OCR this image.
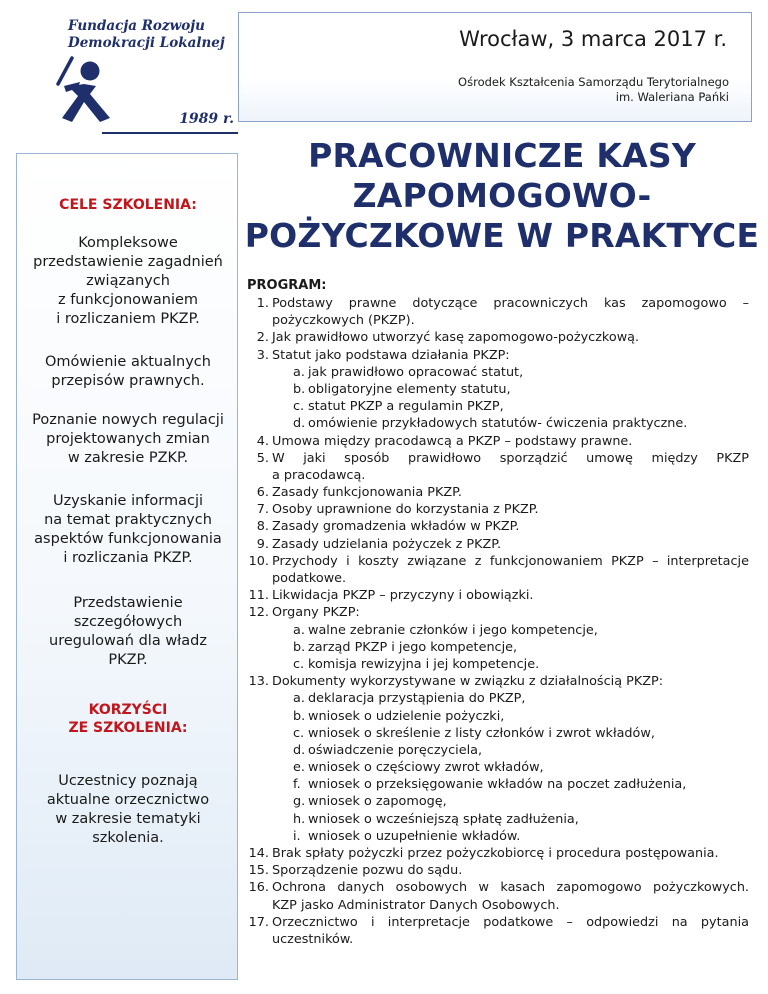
Fundacja Rozwoju
Demokracji Lokalnej
1989 r.
Wrocław, 3 marca 2017 r.
Ośrodek Kształcenia Samorządu Terytorialnego
im. Waleriana Pańki
PRACOWNICZE KASY
ZAPOMOGOWO-
POŻYCZKOWE W PRAKTYCE
CELE SZKOLENIA:
Kompleksowe
przedstawienie zagadnień
związanych
z funkcjonowaniem
i rozliczaniem PKZP.
Omówienie aktualnych
przepisów prawnych.
Poznanie nowych regulacji
projektowanych zmian
w zakresie PZKP.
Uzyskanie informacji
na temat praktycznych
aspektów funkcjonowania
i rozliczania PKZP.
Przedstawienie
szczegółowych
uregulowań dla władz
PKZP.
KORZYŚCI
ZE SZKOLENIA:
Uczestnicy poznają
aktualne orzecznictwo
w zakresie tematyki
szkolenia.
PROGRAM:
1. Podstawy prawne dotyczące pracowniczych kas zapomogowo –
pożyczkowych (PKZP).
2. Jak prawidłowo utworzyć kasę zapomogowo-pożyczkową.
3. Statut jako podstawa działania PKZP:
a. jak prawidłowo opracować statut,
b. obligatoryjne elementy statutu,
c. statut PKZP a regulamin PKZP,
d. omówienie przykładowych statutów- ćwiczenia praktyczne.
4. Umowa między pracodawcą a PKZP – podstawy prawne.
5. W jaki sposób prawidłowo sporządzić umowę między PKZP
a pracodawcą.
6. Zasady funkcjonowania PKZP.
7. Osoby uprawnione do korzystania z PKZP.
8. Zasady gromadzenia wkładów w PKZP.
9. Zasady udzielania pożyczek z PKZP.
10. Przychody i koszty związane z funkcjonowaniem PKZP – interpretacje
podatkowe.
11. Likwidacja PKZP – przyczyny i obowiązki.
12. Organy PKZP:
a. walne zebranie członków i jego kompetencje,
b. zarząd PKZP i jego kompetencje,
c. komisja rewizyjna i jej kompetencje.
13. Dokumenty wykorzystywane w związku z działalnością PKZP:
a. deklaracja przystąpienia do PKZP,
b. wniosek o udzielenie pożyczki,
c. wniosek o skreślenie z listy członków i zwrot wkładów,
d. oświadczenie poręczyciela,
e. wniosek o częściowy zwrot wkładów,
f. wniosek o przeksięgowanie wkładów na poczet zadłużenia,
g. wniosek o zapomogę,
h. wniosek o wcześniejszą spłatę zadłużenia,
i. wniosek o uzupełnienie wkładów.
14. Brak spłaty pożyczki przez pożyczkobiorcę i procedura postępowania.
15. Sporządzenie pozwu do sądu.
16. Ochrona danych osobowych w kasach zapomogowo pożyczkowych.
KZP jasko Administrator Danych Osobowych.
17. Orzecznictwo i interpretacje podatkowe – odpowiedzi na pytania
uczestników.
